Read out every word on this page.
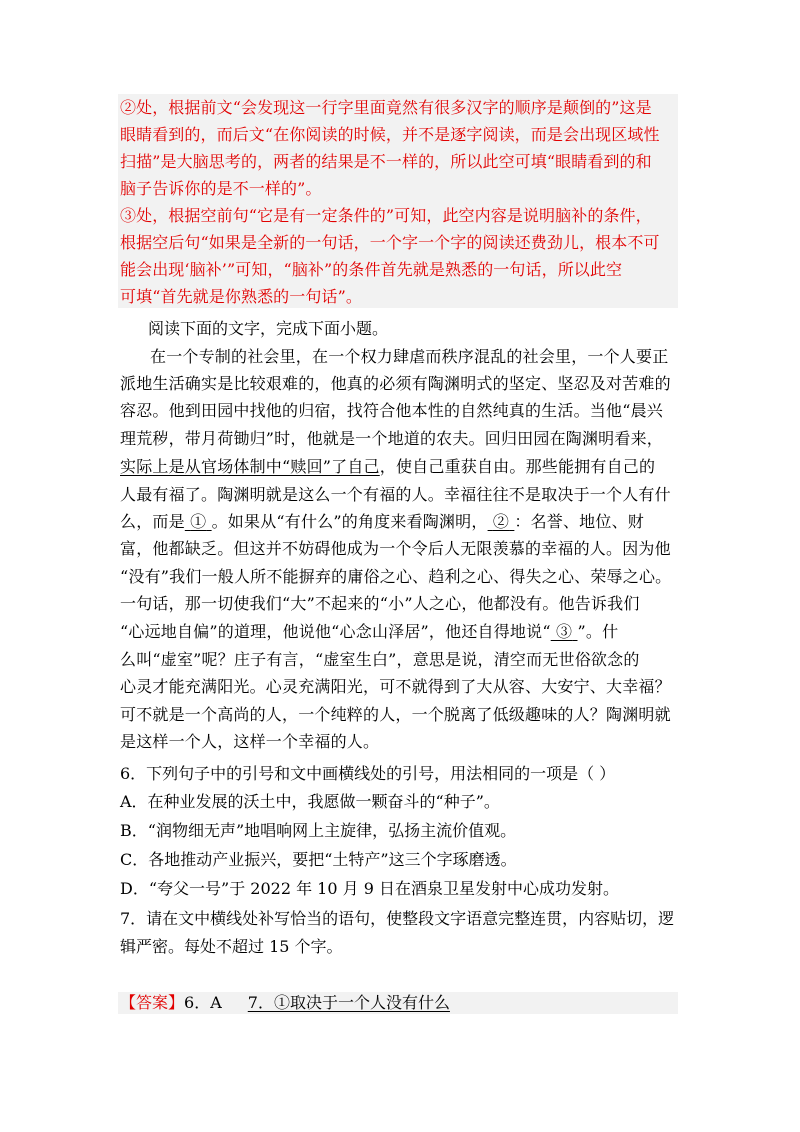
②处，根据前文“会发现这一行字里面竟然有很多汉字的顺序是颠倒的”这是
眼睛看到的，而后文“在你阅读的时候，并不是逐字阅读，而是会出现区域性
扫描”是大脑思考的，两者的结果是不一样的，所以此空可填“眼睛看到的和
脑子告诉你的是不一样的”。
③处，根据空前句“它是有一定条件的”可知，此空内容是说明脑补的条件，
根据空后句“如果是全新的一句话，一个字一个字的阅读还费劲儿，根本不可
能会出现‘脑补’”可知，“脑补”的条件首先就是熟悉的一句话，所以此空
可填“首先就是你熟悉的一句话”。
阅读下面的文字，完成下面小题。
在一个专制的社会里，在一个权力肆虐而秩序混乱的社会里，一个人要正
派地生活确实是比较艰难的，他真的必须有陶渊明式的坚定、坚忍及对苦难的
容忍。他到田园中找他的归宿，找符合他本性的自然纯真的生活。当他“晨兴
理荒秽，带月荷锄归”时，他就是一个地道的农夫。回归田园在陶渊明看来，
实际上是从官场体制中“赎回”了自己，使自己重获自由。那些能拥有自己的
人最有福了。陶渊明就是这么一个有福的人。幸福往往不是取决于一个人有什
么，而是 ① 。如果从“有什么”的角度来看陶渊明， ② ：名誉、地位、财
富，他都缺乏。但这并不妨碍他成为一个令后人无限羡慕的幸福的人。因为他
“没有”我们一般人所不能摒弃的庸俗之心、趋利之心、得失之心、荣辱之心。
一句话，那一切使我们“大”不起来的“小”人之心，他都没有。他告诉我们
“心远地自偏”的道理，他说他“心念山泽居”，他还自得地说“ ③ ”。什
么叫“虚室”呢？庄子有言，“虚室生白”，意思是说，清空而无世俗欲念的
心灵才能充满阳光。心灵充满阳光，可不就得到了大从容、大安宁、大幸福？
可不就是一个高尚的人，一个纯粹的人，一个脱离了低级趣味的人？陶渊明就
是这样一个人，这样一个幸福的人。
6．下列句子中的引号和文中画横线处的引号，用法相同的一项是（ ）
A．在种业发展的沃土中，我愿做一颗奋斗的“种子”。
B．“润物细无声”地唱响网上主旋律，弘扬主流价值观。
C．各地推动产业振兴，要把“土特产”这三个字琢磨透。
D．“夸父一号”于 2022 年 10 月 9 日在酒泉卫星发射中心成功发射。
7．请在文中横线处补写恰当的语句，使整段文字语意完整连贯，内容贴切，逻
辑严密。每处不超过 15 个字。
【答案】6．A 7．①取决于一个人没有什么
